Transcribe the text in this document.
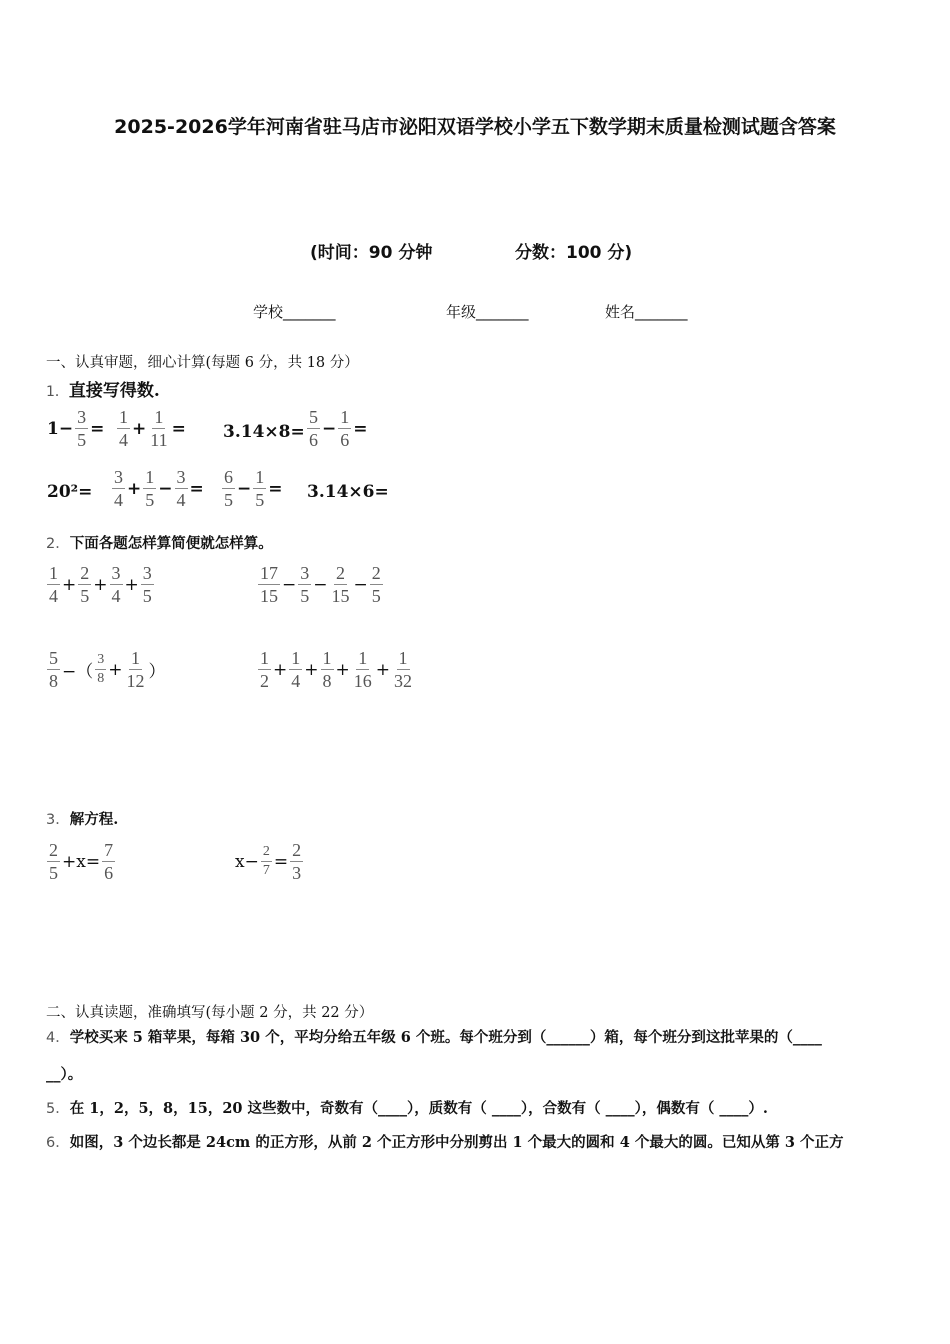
2025-2026学年河南省驻马店市泌阳双语学校小学五下数学期末质量检测试题含答案
(时间：90 分钟	分数：100 分)
学校_______	年级_______	姓名_______
一、认真审题，细心计算(每题 6 分，共 18 分）
1．直接写得数.
$1- \frac{3}{5} = \frac{1}{4} + \frac{1}{11} = 3.14\times 8= \frac{5}{6} - \frac{1}{6}$ =
$20^2= \frac{3}{4} + \frac{1}{5} - \frac{3}{4} = \frac{6}{5} - \frac{1}{5} = 3.14\times 6=$
2．下面各题怎样算简便就怎样算。
$\frac{1}{4} + \frac{2}{5} + \frac{3}{4} + \frac{3}{5}$	$\frac{17}{15} - \frac{3}{5} - \frac{2}{15} - \frac{2}{5}$
$\frac{5}{8}$ −（ $\frac{3}{8} + \frac{1}{12}$ ）	$\frac{1}{2} + \frac{1}{4} + \frac{1}{8} + \frac{1}{16} + \frac{1}{32}$
3．解方程.
$\frac{2}{5} +x= \frac{7}{6}$	$x- \frac{2}{7} = \frac{2}{3}$
二、认真读题，准确填写(每小题 2 分，共 22 分）
4．学校买来 5 箱苹果，每箱 30 个，平均分给五年级 6 个班。每个班分到（______）箱，每个班分到这批苹果的（____
__）。
5．在 1，2，5，8，15，20 这些数中，奇数有（____），质数有（ ____），合数有（ ____），偶数有（ ____）.
6．如图，3 个边长都是 24cm 的正方形，从前 2 个正方形中分别剪出 1 个最大的圆和 4 个最大的圆。已知从第 3 个正方
